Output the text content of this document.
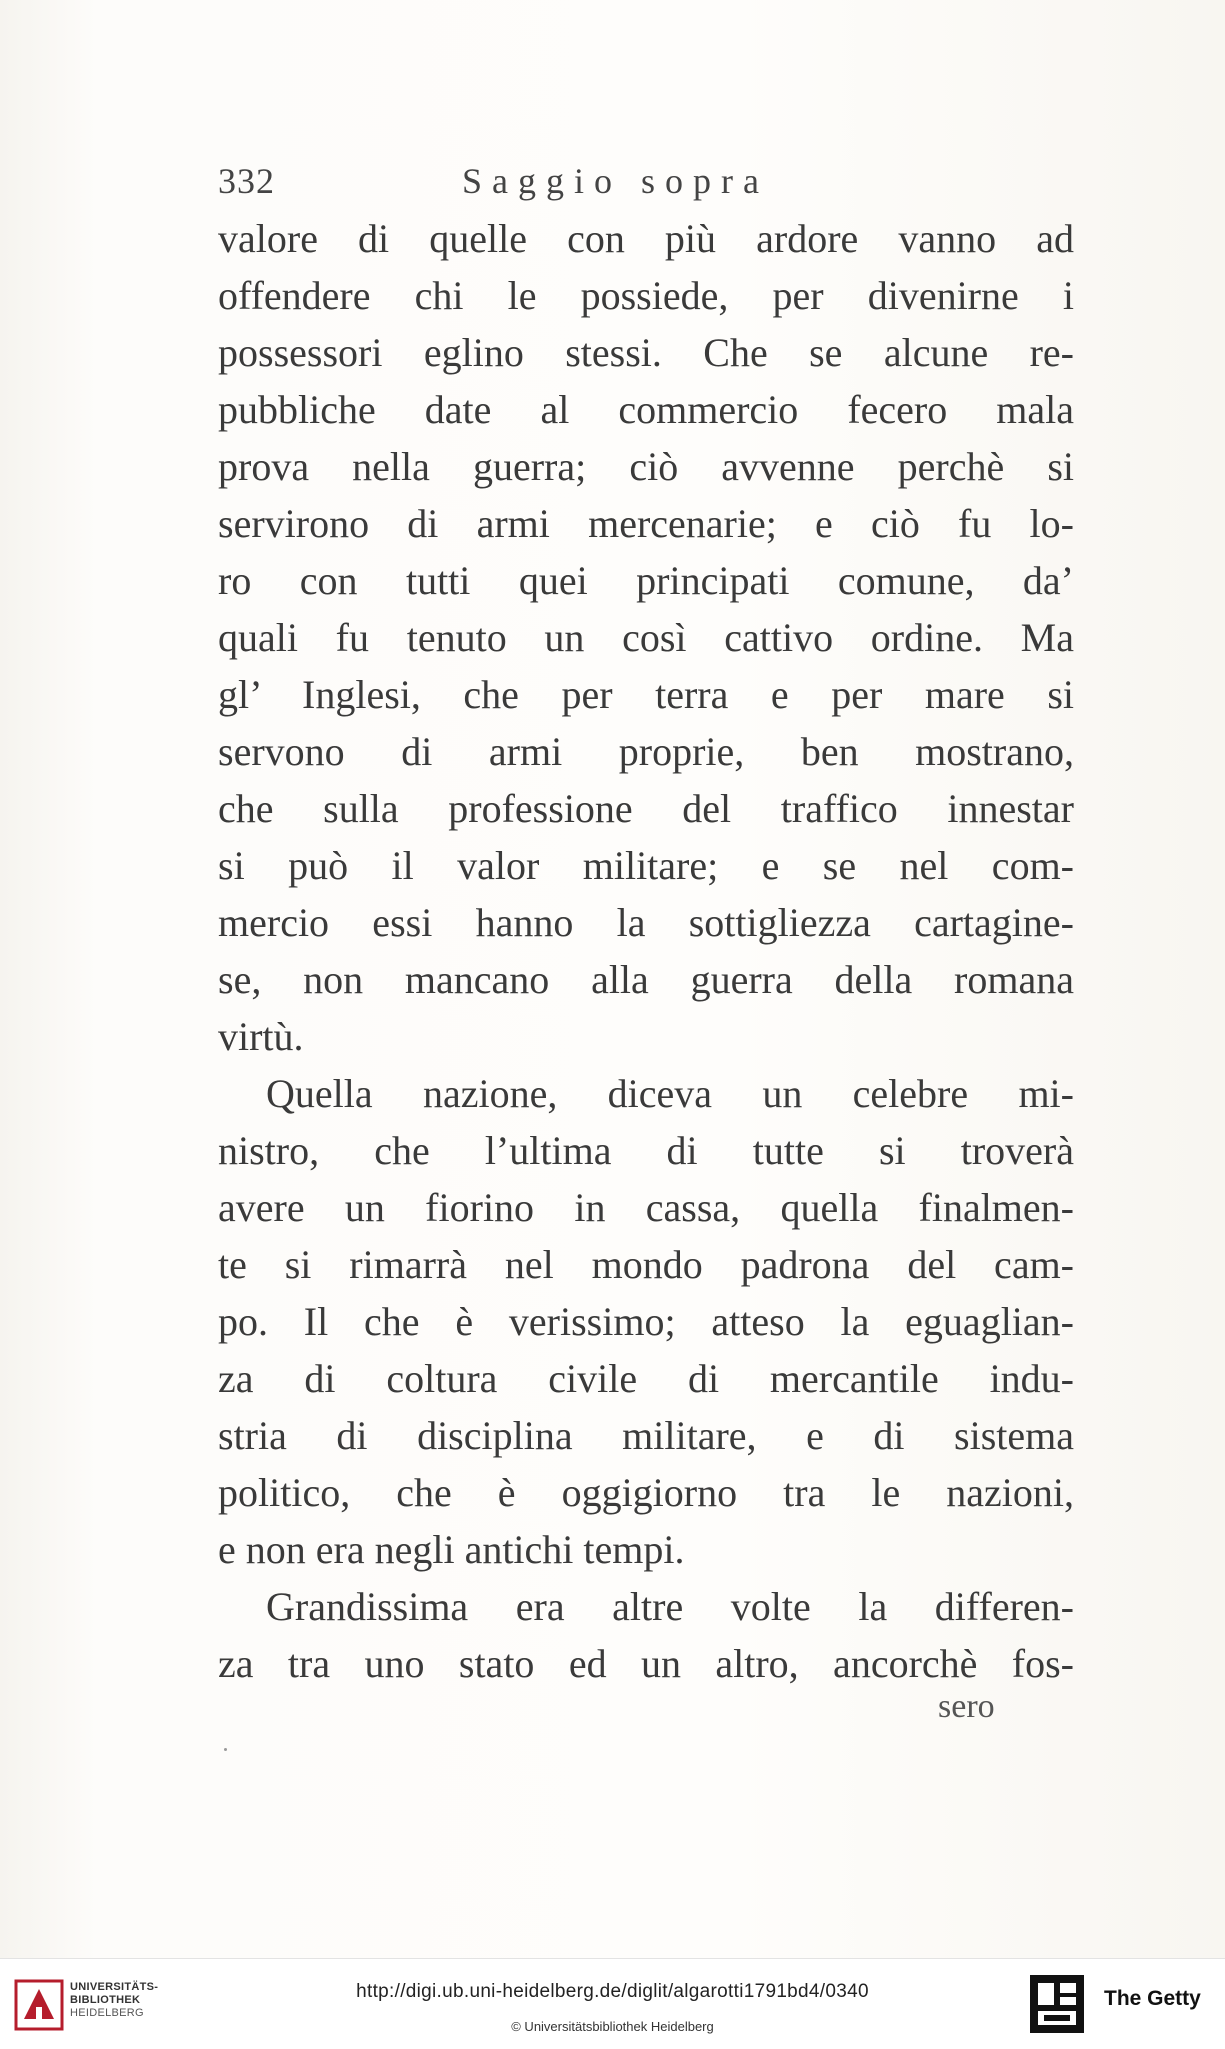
332	Saggio sopra
valore di quelle con più ardore vanno ad
offendere chi le possiede, per divenirne i
possessori eglino stessi. Che se alcune re-
pubbliche date al commercio fecero mala
prova nella guerra; ciò avvenne perchè si
servirono di armi mercenarie; e ciò fu lo-
ro con tutti quei principati comune, da’
quali fu tenuto un così cattivo ordine. Ma
gl’ Inglesi, che per terra e per mare si
servono di armi proprie, ben mostrano,
che sulla professione del traffico innestar
si può il valor militare; e se nel com-
mercio essi hanno la sottigliezza cartagine-
se, non mancano alla guerra della romana
virtù.
Quella nazione, diceva un celebre mi-
nistro, che l’ultima di tutte si troverà
avere un fiorino in cassa, quella finalmen-
te si rimarrà nel mondo padrona del cam-
po. Il che è verissimo; atteso la eguaglian-
za di coltura civile di mercantile indu-
stria di disciplina militare, e di sistema
politico, che è oggigiorno tra le nazioni,
e non era negli antichi tempi.
Grandissima era altre volte la differen-
za tra uno stato ed un altro, ancorchè fos-
sero
UNIVERSITÄTS-
BIBLIOTHEK
HEIDELBERG
http://digi.ub.uni-heidelberg.de/diglit/algarotti1791bd4/0340
© Universitätsbibliothek Heidelberg
The Getty
